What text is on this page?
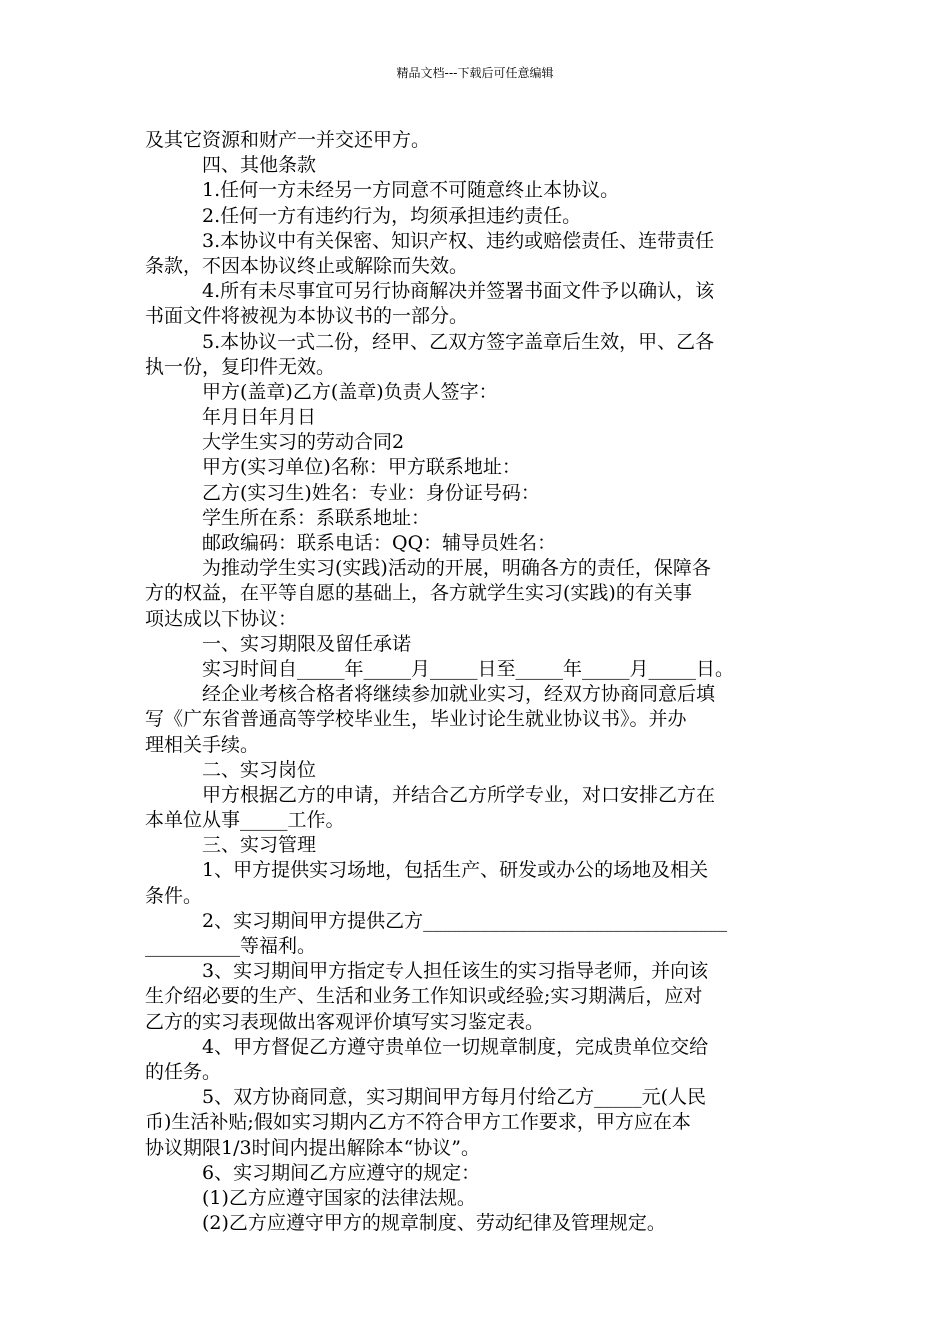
精品文档---下载后可任意编辑
及其它资源和财产一并交还甲方。
四、其他条款
1.任何一方未经另一方同意不可随意终止本协议。
2.任何一方有违约行为，均须承担违约责任。
3.本协议中有关保密、知识产权、违约或赔偿责任、连带责任
条款，不因本协议终止或解除而失效。
4.所有未尽事宜可另行协商解决并签署书面文件予以确认，该
书面文件将被视为本协议书的一部分。
5.本协议一式二份，经甲、乙双方签字盖章后生效，甲、乙各
执一份，复印件无效。
甲方(盖章)乙方(盖章)负责人签字：
年月日年月日
大学生实习的劳动合同2
甲方(实习单位)名称：甲方联系地址：
乙方(实习生)姓名：专业：身份证号码：
学生所在系：系联系地址：
邮政编码：联系电话：QQ：辅导员姓名：
为推动学生实习(实践)活动的开展，明确各方的责任，保障各
方的权益，在平等自愿的基础上，各方就学生实习(实践)的有关事
项达成以下协议：
一、实习期限及留任承诺
实习时间自_____年_____月_____日至_____年_____月_____日。
经企业考核合格者将继续参加就业实习，经双方协商同意后填
写《广东省普通高等学校毕业生，毕业讨论生就业协议书》。并办
理相关手续。
二、实习岗位
甲方根据乙方的申请，并结合乙方所学专业，对口安排乙方在
本单位从事_____工作。
三、实习管理
1、甲方提供实习场地，包括生产、研发或办公的场地及相关
条件。
2、实习期间甲方提供乙方________________________________
__________等福利。
3、实习期间甲方指定专人担任该生的实习指导老师，并向该
生介绍必要的生产、生活和业务工作知识或经验;实习期满后，应对
乙方的实习表现做出客观评价填写实习鉴定表。
4、甲方督促乙方遵守贵单位一切规章制度，完成贵单位交给
的任务。
5、双方协商同意，实习期间甲方每月付给乙方_____元(人民
币)生活补贴;假如实习期内乙方不符合甲方工作要求，甲方应在本
协议期限1/3时间内提出解除本“协议”。
6、实习期间乙方应遵守的规定：
(1)乙方应遵守国家的法律法规。
(2)乙方应遵守甲方的规章制度、劳动纪律及管理规定。
